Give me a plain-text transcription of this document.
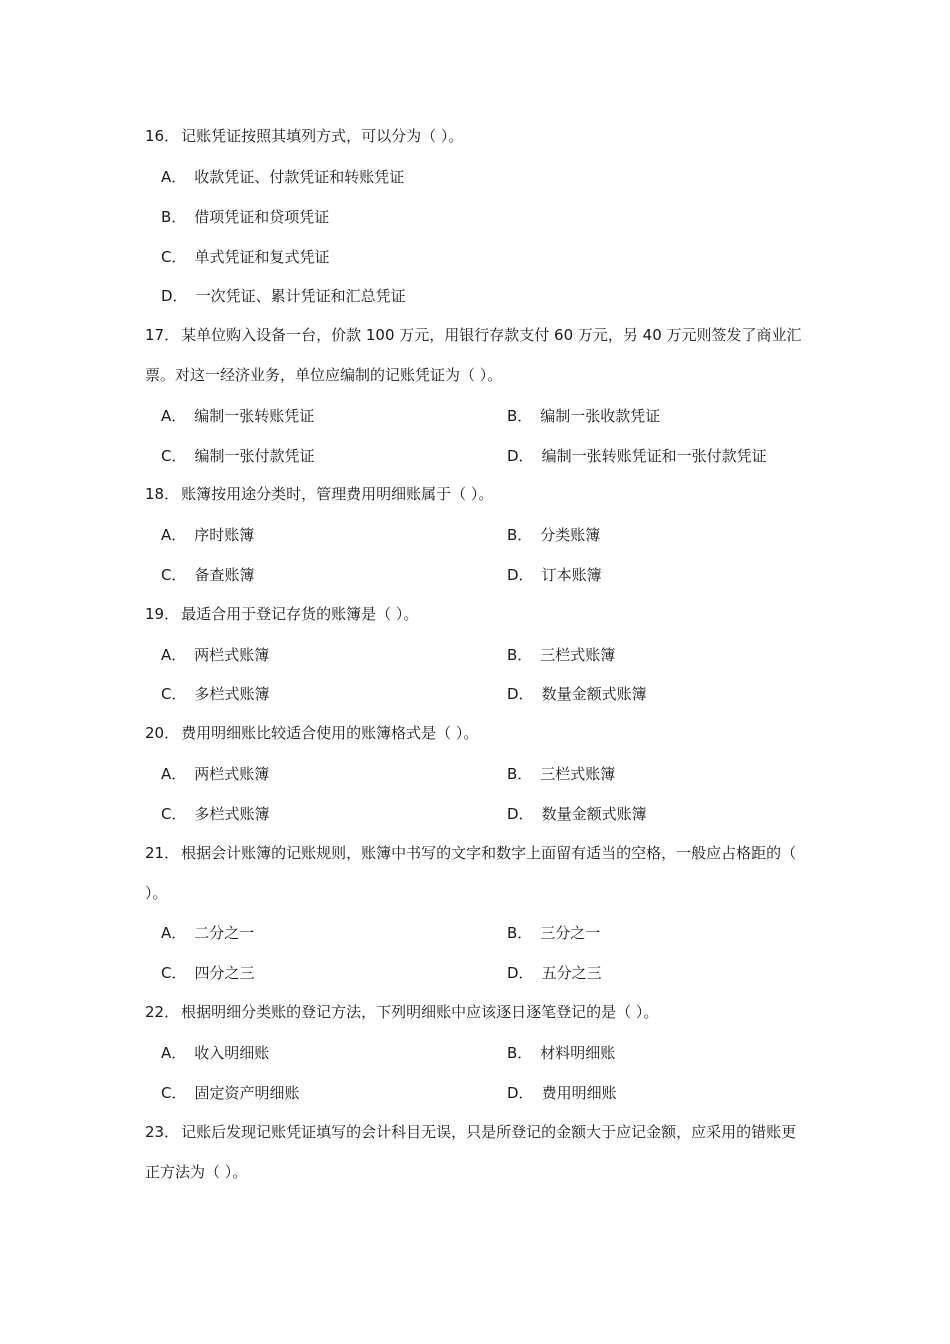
16． 记账凭证按照其填列方式，可以分为（ ）。
A． 收款凭证、付款凭证和转账凭证
B． 借项凭证和贷项凭证
C． 单式凭证和复式凭证
D． 一次凭证、累计凭证和汇总凭证
17． 某单位购入设备一台，价款 100 万元，用银行存款支付 60 万元，另 40 万元则签发了商业汇票。对这一经济业务，单位应编制的记账凭证为（ ）。
A． 编制一张转账凭证	B． 编制一张收款凭证
C． 编制一张付款凭证	D． 编制一张转账凭证和一张付款凭证
18． 账簿按用途分类时，管理费用明细账属于（ ）。
A． 序时账簿	B． 分类账簿
C． 备查账簿	D． 订本账簿
19． 最适合用于登记存货的账簿是（ ）。
A． 两栏式账簿	B． 三栏式账簿
C． 多栏式账簿	D． 数量金额式账簿
20． 费用明细账比较适合使用的账簿格式是（ ）。
A． 两栏式账簿	B． 三栏式账簿
C． 多栏式账簿	D． 数量金额式账簿
21． 根据会计账簿的记账规则，账簿中书写的文字和数字上面留有适当的空格，一般应占格距的（ ）。
A． 二分之一	B． 三分之一
C． 四分之三	D． 五分之三
22． 根据明细分类账的登记方法，下列明细账中应该逐日逐笔登记的是（ ）。
A． 收入明细账	B． 材料明细账
C． 固定资产明细账	D． 费用明细账
23． 记账后发现记账凭证填写的会计科目无误，只是所登记的金额大于应记金额，应采用的错账更正方法为（ ）。
